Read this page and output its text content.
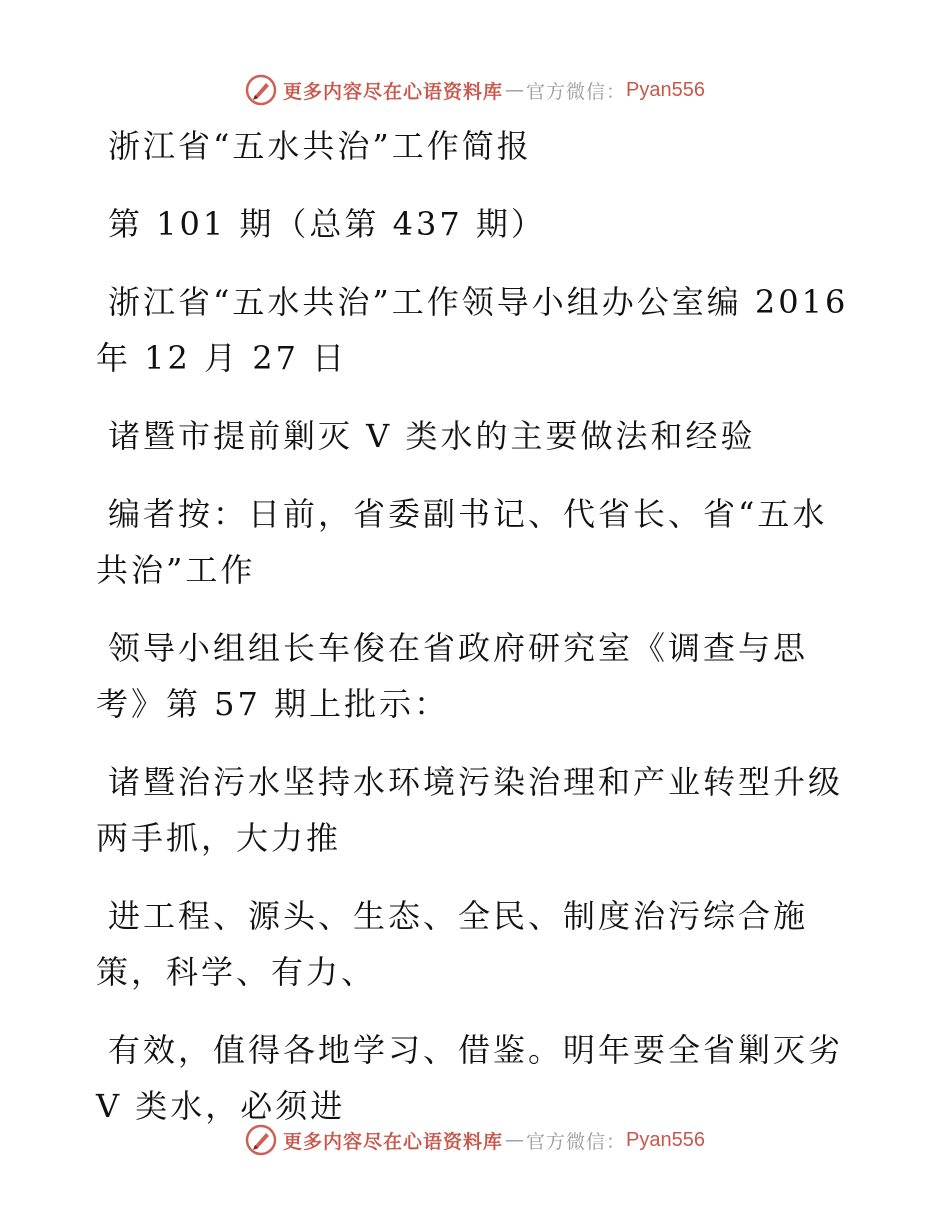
更多内容尽在心语资料库 — 官方微信： Pyan556

浙江省“五水共治”工作简报

第 101 期（总第 437 期）

浙江省“五水共治”工作领导小组办公室编 2016 年 12 月 27 日

诸暨市提前剿灭 V 类水的主要做法和经验

编者按：日前，省委副书记、代省长、省“五水共治”工作

领导小组组长车俊在省政府研究室《调查与思考》第 57 期上批示：

诸暨治污水坚持水环境污染治理和产业转型升级两手抓，大力推

进工程、源头、生态、全民、制度治污综合施策，科学、有力、

有效，值得各地学习、借鉴。明年要全省剿灭劣 V 类水，必须进

更多内容尽在心语资料库 — 官方微信： Pyan556
